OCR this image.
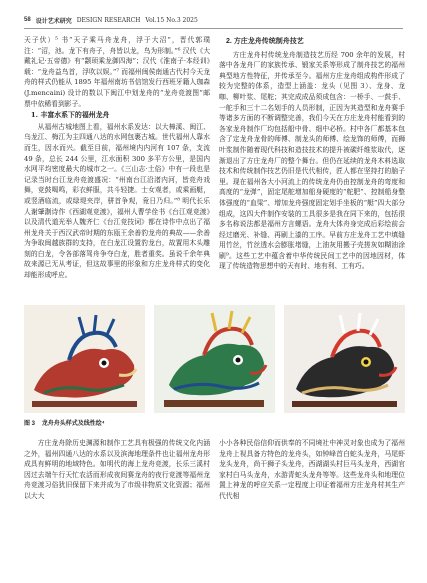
58 设计艺术研究 DESIGN RESEARCH Vol.15 No.3 2025

天子伏）⁵ 书“天子乘马舟龙舟，浮于大沼”，晋代郭璞注：“沼，池。龙下有舟子，舟皆以龙，鸟为形制。”⁶ 汉代《大戴礼记·五帝德》有“颛顼乘龙御四海”；汉代《淮南子·本经训》载：“龙舟益鸟首，浮吹以娱。”⁷ 而福州闽侯南通古代村今天龙舟的样式仍能从 1895 年福州南坊书信馆发行西班牙籍人珈森(J.mencaini) 设计的数以下闽江中划龙舟的“龙舟竞渡图”邮票中依稀看到影子。

1. 丰富水系下的福州龙舟

从福州古城地图上看，福州水系发达：以大樟溪、闽江、乌龙江、梅江为主四通八达的水网包裹古城。世代福州人靠水而生，因水而兴。截至目前，福州境内内河有 107 条，支流 49 条，总长 244 公里，江水面积 300 多平方公里，是国内水网平均密度最大的城市之一。《三山志·土俗》中有一段也是记录当时台江龙舟竞渡盛况：“州南台江沿渚内河，皆竞舟戏舞，竞鼓喝鸣，彩衣鲜服，共斗轻捷。士女观者，或乘画艇，或竖酒临流，或绿堤夹岸，骈首争观，竟日乃归。”⁸ 明代长乐人谢肇淛诗作《西湖观竞渡》，福州人曹学佺书《台江观竞渡》以及清代道光举人魏齐仁《台江竞技词》都在诗作中点出了福州龙舟关于西汉武帝时期的东瓯王余善豹龙舟的典故——余善为争取闽越族群的支持，在白龙江设置豹龙台，故置用木头雕刻的白龙，令各部落驾舟争夺白龙，胜者重奖。虽说千余年典故来源已无从考证，但这故事里的形象和方庄龙舟样式的变化却能形成呼应。

2. 方庄龙舟传统制舟技艺

方庄龙舟村传统龙舟制造技艺历经 700 余年的发展，村落中各龙舟厂的家族传承、锻家关系等形成了制舟技艺的福州典型地方性特征，并传承至今。福州方庄龙舟组成构件形成了较为完整的体系，造型上涵盖：龙头（见图 3）、龙身、龙咖、柳叶浆、尾舵；其完成成品须成包含：一桥手、一鼓手、一舵手和三十二名划手的人员形制，正因为其造型和龙舟赛手等诸多方面的不断调整完善，我们今天在方庄龙舟村能看到的各家龙舟制作厂均包括船中骨、细中必桥。村中各厂都基本包含了定龙舟龙骨的师傅、制龙头的师傅、绘龙饰的师傅，而狮叶浆制作随着现代科技和造技技术的提升被碳纤维浆取代，逐渐退出了方庄龙舟厂的整个舞台。但仍在延续的龙舟木料选取技术和传统制作技艺仍旧是代代相传，匠人都在坚持打的脑子里。现在福州各大小河流上的传统龙舟仍由控制龙舟的弯度和高度的“龙弹”，固定尾舵增加船身硬度的“舵肥”、控制船身整体强度的“血梁”、增加龙舟强度固定划手坐板的“艇”四大部分组成，这四大件制作安装的工具很多是我在同下来的，包括很多名称说法都是福州方言螺语。龙舟大体舟身完成后彩绘前会经过磨光、补缝、再刷上漆的工序。早前方庄龙舟工艺中填缝用竹丝，竹丝透水会膨胀堵缝，上油灰用搬子壳搓灰如糊油涂刷⁹。这些工艺中蕴含着中华传统民间工艺中的因地因材，体现了传统造物思想中的天有时、地有利、工有巧。

图 3 龙舟舟头样式及线性绘⁴

方庄龙舟除历史渊源和制作工艺具有极强的传统文化内涵之外，福州四通八达的水系以及滨海地理条件也让福州龙舟形成具有鲜明的地域特色。如明代的海上龙舟竞渡，长乐三溪村因过去端午行天忙农活而形成夜间赛龙舟的夜行竞渡等福州龙舟竞渡习俗犹旧保留下来并成为了市级非物质文化资源；福州以大大

小小各种民俗信仰而供奉的不同境社中神灵对象也成为了福州龙舟上视具备方特色的龙舟头，如钟峰首白蛇头龙舟，马尾虾龙头龙舟，尚干狮子头龙舟，西湖湖头村巨马头龙舟，西湖官家村白马头龙舟，水游青蛇头龙舟等等。这些龙舟头和地理位置上神龙的呼应关系一定程度上印证着福州方庄龙舟村其生产代代相
